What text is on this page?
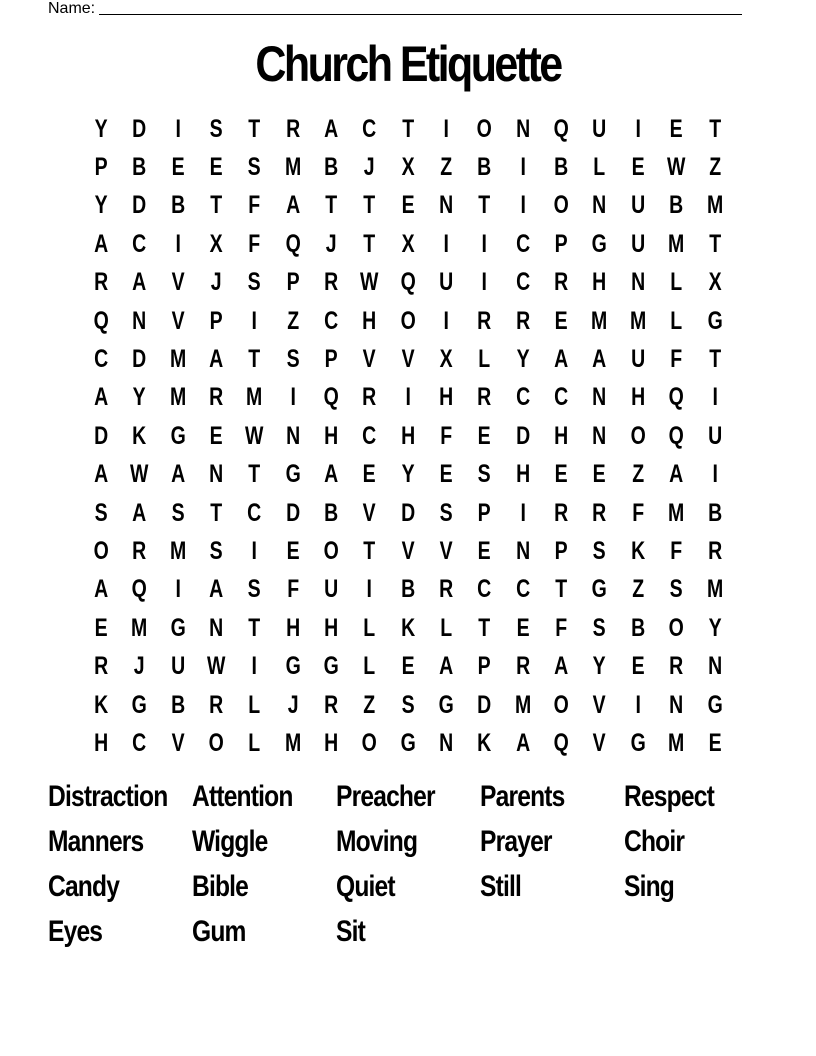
Name:
Church Etiquette
Y D	I	S	T	R A C	T	I	O N Q U	I	E	T
P B E	E	S M B	J	X	Z	B	I	B	L	E W Z
Y D B	T	F	A	T	T	E N	T	I	O N U B M
A C	I	X	F Q	J	T	X	I	I	C P G U M T
R A V	J	S	P R W Q U	I	C R H N	L	X
Q N V	P	I	Z	C H O	I	R R E M M L G
C D M A	T	S	P	V	V	X	L	Y A A U	F	T
A Y M R M	I	Q R	I	H R C C N H Q	I
D K G E W N H C H	F	E D H N O Q U
A W A N	T G A E	Y	E	S H E	E	Z	A	I
S A S	T	C D B V D S	P	I	R R	F M B
O R M S	I	E O T	V	V	E N P	S K	F	R
A Q	I	A S	F	U	I	B R C C	T G Z	S M
E M G N	T	H H	L	K	L	T	E	F	S B O Y
R	J	U W	I	G G L	E A P R A Y	E R N
K G B R	L	J	R	Z	S G D M O V	I	N G
H C V O L M H O G N K A Q V G M E
Distraction Attention	Preacher	Parents	Respect
Manners	Wiggle	Moving	Prayer	Choir
Candy	Bible	Quiet	Still	Sing
Eyes	Gum	Sit
